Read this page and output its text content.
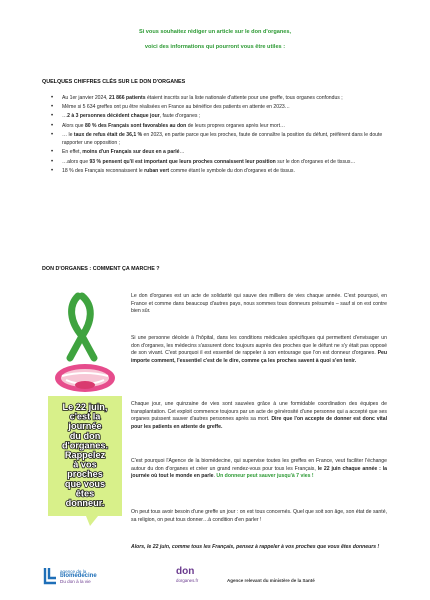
Si vous souhaitez rédiger un article sur le don d'organes,
voici des informations qui pourront vous être utiles :
QUELQUES CHIFFRES CLÉS SUR LE DON D'ORGANES
• Au 1er janvier 2024, 21 866 patients étaient inscrits sur la liste nationale d'attente pour une greffe, tous organes confondus ;
• Même si 5 634 greffes ont pu être réalisées en France au bénéfice des patients en attente en 2023…
• …2 à 3 personnes décèdent chaque jour, faute d'organes ;
• Alors que 80 % des Français sont favorables au don de leurs propres organes après leur mort…
• … le taux de refus était de 36,1 % en 2023, en partie parce que les proches, faute de connaître la position du défunt, préfèrent dans le doute rapporter une opposition ;
• En effet, moins d'un Français sur deux en a parlé…
• …alors que 93 % pensent qu'il est important que leurs proches connaissent leur position sur le don d'organes et de tissus…
• 18 % des Français reconnaissent le ruban vert comme étant le symbole du don d'organes et de tissus.
DON D'ORGANES : COMMENT ÇA MARCHE ?
Le 22 juin,
c'est la
journée
du don
d'organes.
Rappelez
à vos
proches
que vous
êtes
donneur.

Le don d'organes est un acte de solidarité qui sauve des milliers de vies chaque année. C'est pourquoi, en France et comme dans beaucoup d'autres pays, nous sommes tous donneurs présumés – sauf si on est contre bien sûr.

Si une personne décède à l'hôpital, dans les conditions médicales spécifiques qui permettent d'envisager un don d'organes, les médecins s'assurent donc toujours auprès des proches que le défunt ne s'y était pas opposé de son vivant. C'est pourquoi il est essentiel de rappeler à son entourage que l'on est donneur d'organes. Peu importe comment, l'essentiel c'est de le dire, comme ça les proches savent à quoi s'en tenir.

Chaque jour, une quinzaine de vies sont sauvées grâce à une formidable coordination des équipes de transplantation. Cet exploit commence toujours par un acte de générosité d'une personne qui a accepté que ses organes puissent sauver d'autres personnes après sa mort. Dire que l'on accepte de donner est donc vital pour les patients en attente de greffe.

C'est pourquoi l'Agence de la biomédecine, qui supervise toutes les greffes en France, veut faciliter l'échange autour du don d'organes et créer un grand rendez-vous pour tous les Français, le 22 juin chaque année : la journée où tout le monde en parle. Un donneur peut sauver jusqu'à 7 vies !

On peut tous avoir besoin d'une greffe un jour : on est tous concernés. Quel que soit son âge, son état de santé, sa religion, on peut tous donner…à condition d'en parler !

Alors, le 22 juin, comme tous les Français, pensez à rappeler à vos proches que vous êtes donneurs !

agence de la
biomédecine
Du don à la vie
don
dorganes.fr	Agence relevant du ministère de la Santé
